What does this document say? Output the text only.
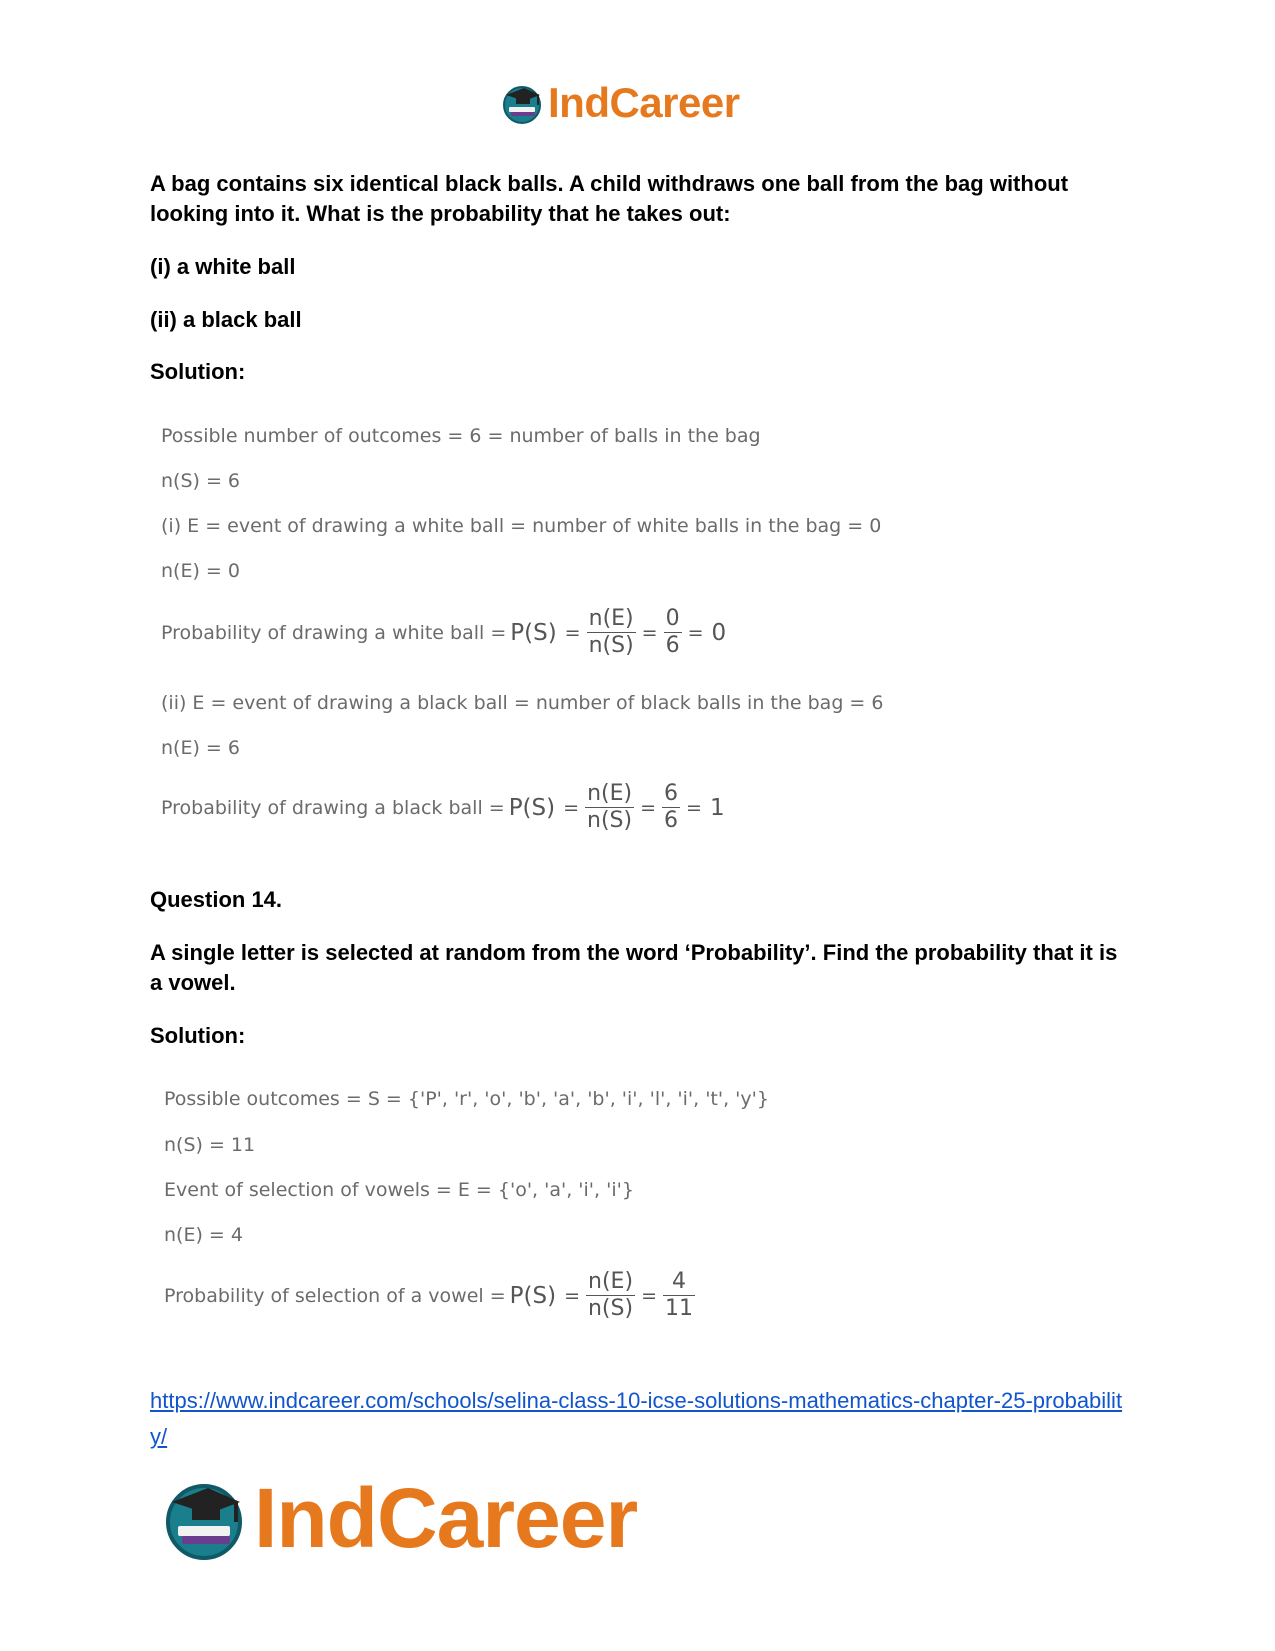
IndCareer
A bag contains six identical black balls. A child withdraws one ball from the bag without looking into it. What is the probability that he takes out:
(i) a white ball
(ii) a black ball
Solution:
Possible number of outcomes = 6 = number of balls in the bag
n(S) = 6
(i) E = event of drawing a white ball = number of white balls in the bag = 0
n(E) = 0
Probability of drawing a white ball = $P(S) = \frac{n(E)}{n(S)} = \frac{0}{6} = 0$
(ii) E = event of drawing a black ball = number of black balls in the bag = 6
n(E) = 6
Probability of drawing a black ball = $P(S) = \frac{n(E)}{n(S)} = \frac{6}{6} = 1$
Question 14.
A single letter is selected at random from the word ‘Probability’. Find the probability that it is a vowel.
Solution:
Possible outcomes = S = {'P', 'r', 'o', 'b', 'a', 'b', 'i', 'l', 'i', 't', 'y'}
n(S) = 11
Event of selection of vowels = E = {'o', 'a', 'i', 'i'}
n(E) = 4
Probability of selection of a vowel = $P(S) = \frac{n(E)}{n(S)} = \frac{4}{11}$
https://www.indcareer.com/schools/selina-class-10-icse-solutions-mathematics-chapter-25-probability/
IndCareer
